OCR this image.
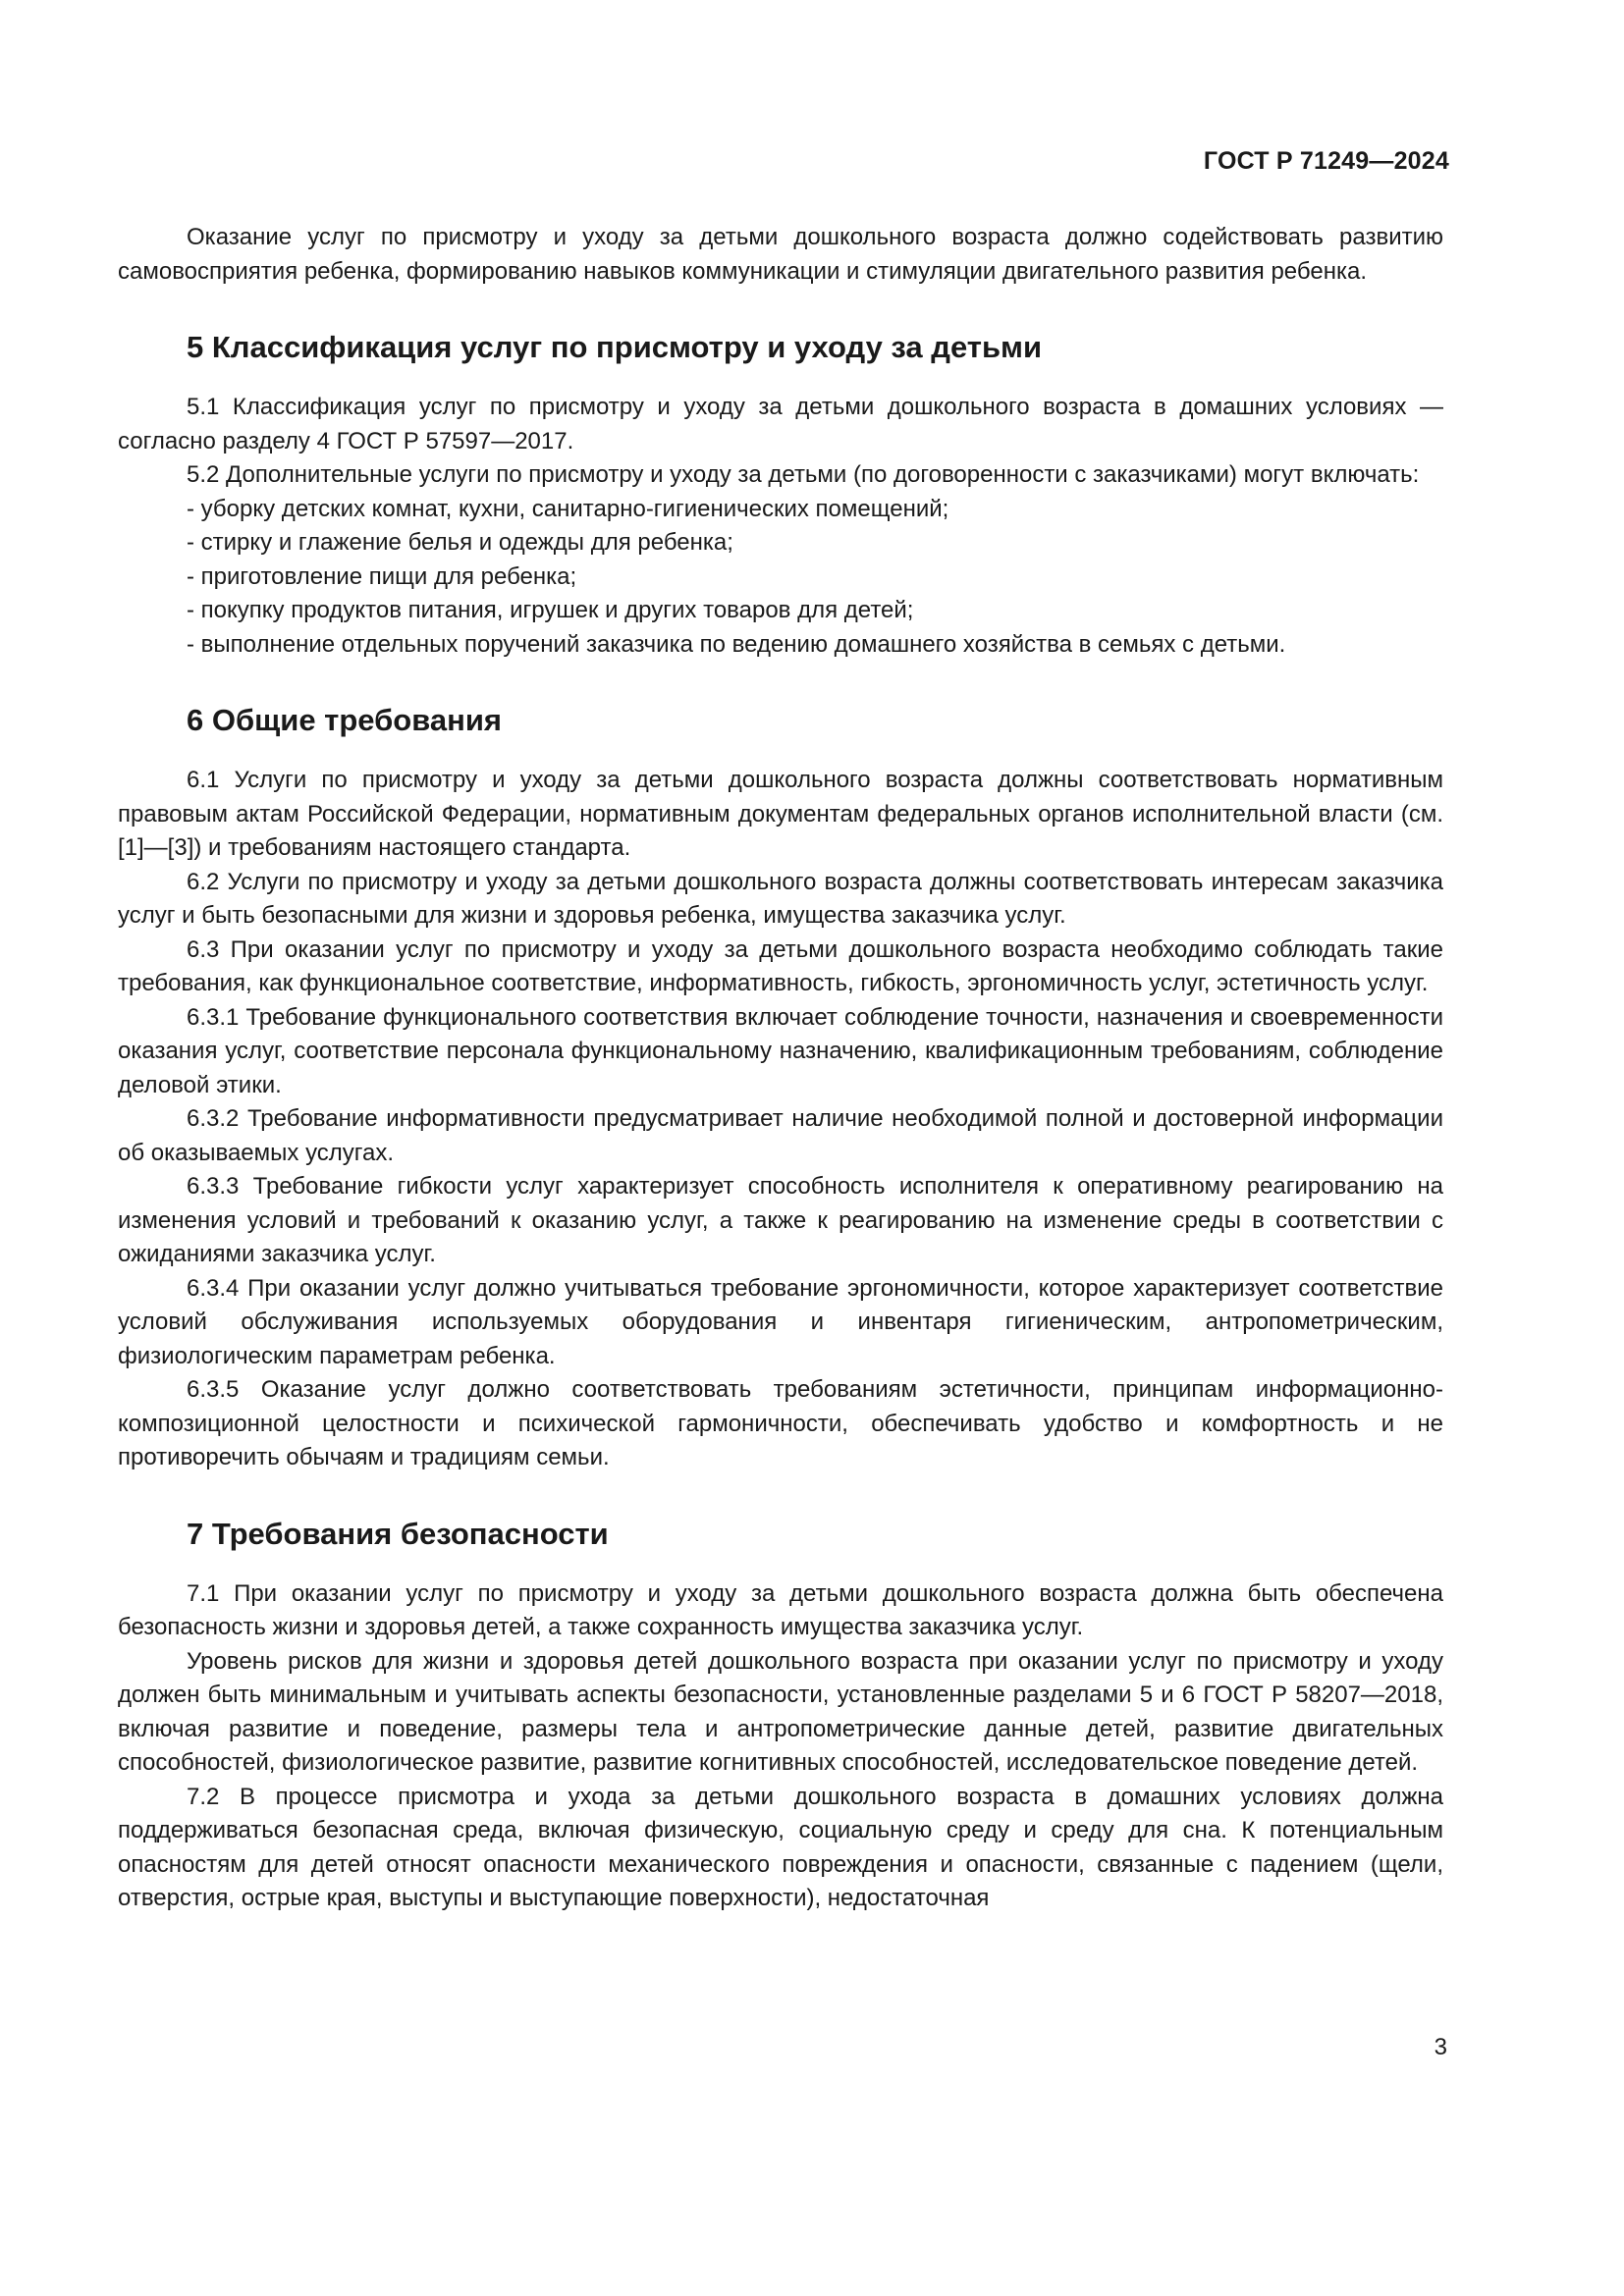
ГОСТ Р 71249—2024

Оказание услуг по присмотру и уходу за детьми дошкольного возраста должно содействовать развитию самовосприятия ребенка, формированию навыков коммуникации и стимуляции двигательного развития ребенка.

5 Классификация услуг по присмотру и уходу за детьми

5.1 Классификация услуг по присмотру и уходу за детьми дошкольного возраста в домашних условиях — согласно разделу 4 ГОСТ Р 57597—2017.

5.2 Дополнительные услуги по присмотру и уходу за детьми (по договоренности с заказчиками) могут включать:

- уборку детских комнат, кухни, санитарно-гигиенических помещений;

- стирку и глажение белья и одежды для ребенка;

- приготовление пищи для ребенка;

- покупку продуктов питания, игрушек и других товаров для детей;

- выполнение отдельных поручений заказчика по ведению домашнего хозяйства в семьях с детьми.

6 Общие требования

6.1 Услуги по присмотру и уходу за детьми дошкольного возраста должны соответствовать нормативным правовым актам Российской Федерации, нормативным документам федеральных органов исполнительной власти (см. [1]—[3]) и требованиям настоящего стандарта.

6.2 Услуги по присмотру и уходу за детьми дошкольного возраста должны соответствовать интересам заказчика услуг и быть безопасными для жизни и здоровья ребенка, имущества заказчика услуг.

6.3 При оказании услуг по присмотру и уходу за детьми дошкольного возраста необходимо соблюдать такие требования, как функциональное соответствие, информативность, гибкость, эргономичность услуг, эстетичность услуг.

6.3.1 Требование функционального соответствия включает соблюдение точности, назначения и своевременности оказания услуг, соответствие персонала функциональному назначению, квалификационным требованиям, соблюдение деловой этики.

6.3.2 Требование информативности предусматривает наличие необходимой полной и достоверной информации об оказываемых услугах.

6.3.3 Требование гибкости услуг характеризует способность исполнителя к оперативному реагированию на изменения условий и требований к оказанию услуг, а также к реагированию на изменение среды в соответствии с ожиданиями заказчика услуг.

6.3.4 При оказании услуг должно учитываться требование эргономичности, которое характеризует соответствие условий обслуживания используемых оборудования и инвентаря гигиеническим, антропометрическим, физиологическим параметрам ребенка.

6.3.5 Оказание услуг должно соответствовать требованиям эстетичности, принципам информационно-композиционной целостности и психической гармоничности, обеспечивать удобство и комфортность и не противоречить обычаям и традициям семьи.

7 Требования безопасности

7.1 При оказании услуг по присмотру и уходу за детьми дошкольного возраста должна быть обеспечена безопасность жизни и здоровья детей, а также сохранность имущества заказчика услуг.

Уровень рисков для жизни и здоровья детей дошкольного возраста при оказании услуг по присмотру и уходу должен быть минимальным и учитывать аспекты безопасности, установленные разделами 5 и 6 ГОСТ Р 58207—2018, включая развитие и поведение, размеры тела и антропометрические данные детей, развитие двигательных способностей, физиологическое развитие, развитие когнитивных способностей, исследовательское поведение детей.

7.2 В процессе присмотра и ухода за детьми дошкольного возраста в домашних условиях должна поддерживаться безопасная среда, включая физическую, социальную среду и среду для сна. К потенциальным опасностям для детей относят опасности механического повреждения и опасности, связанные с падением (щели, отверстия, острые края, выступы и выступающие поверхности), недостаточная

3
